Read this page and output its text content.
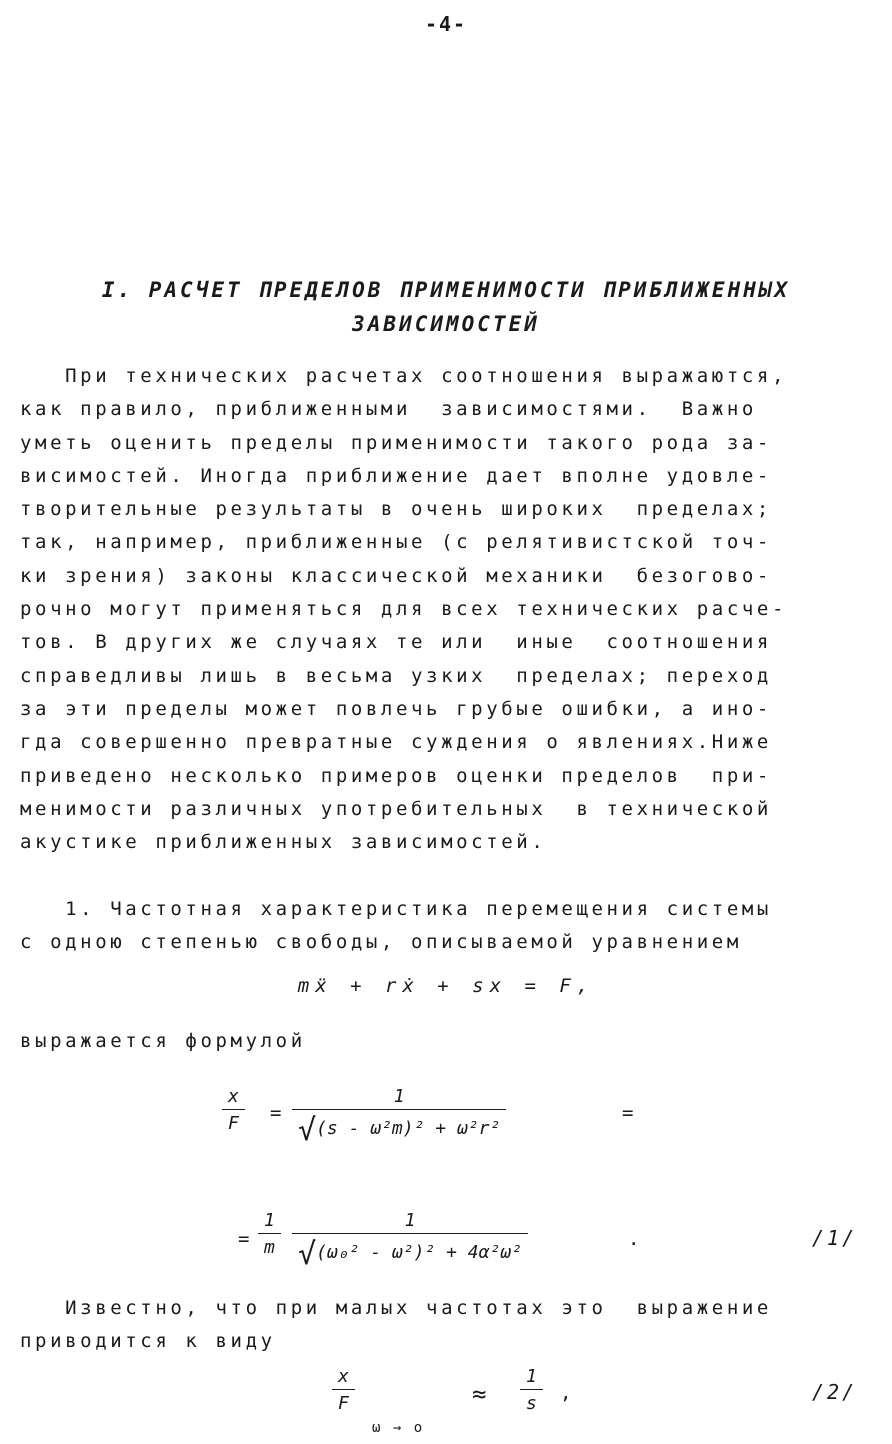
-4-
I. РАСЧЕТ ПРЕДЕЛОВ ПРИМЕНИМОСТИ ПРИБЛИЖЕННЫХ
ЗАВИСИМОСТЕЙ
При технических расчетах соотношения выражаются,
как правило, приближенными  зависимостями.  Важно
уметь оценить пределы применимости такого рода за-
висимостей. Иногда приближение дает вполне удовле-
творительные результаты в очень широких  пределах;
так, например, приближенные (с релятивистской точ-
ки зрения) законы классической механики  безогово-
рочно могут применяться для всех технических расче-
тов. В других же случаях те или  иные  соотношения
справедливы лишь в весьма узких  пределах; переход
за эти пределы может повлечь грубые ошибки, а ино-
гда совершенно превратные суждения о явлениях.Ниже
приведено несколько примеров оценки пределов  при-
менимости различных употребительных  в технической
акустике приближенных зависимостей.
1. Частотная характеристика перемещения системы
с одною степенью свободы, описываемой уравнением
mẍ + rẋ + sx = F,
выражается формулой
$\frac{x}{F} = \frac{1}{\text{√(s - ω²m)² + ω²r²}}$	=
= $\frac{1}{m} \frac{1}{\text{√(ω₀² - ω²)² + 4α²ω²}}$	.	/1/
Известно, что при малых частотах это  выражение
приводится к виду
$\frac{x}{F}$
ω → o
≈ $\frac{1}{s}$ ,	/2/
